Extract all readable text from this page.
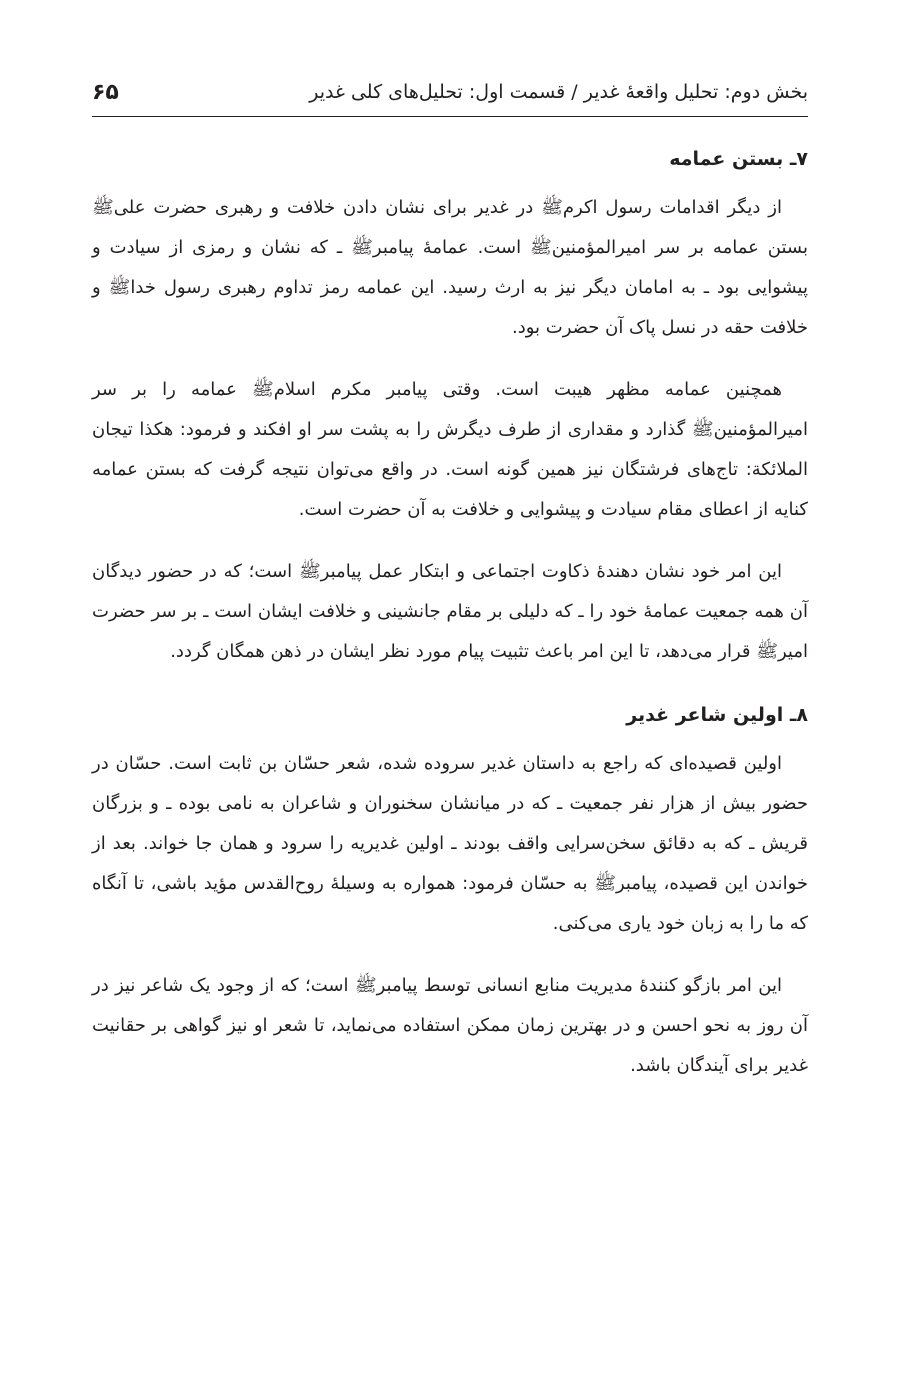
بخش دوم: تحلیل واقعۀ غدیر / قسمت اول: تحلیل‌های کلی غدیر
۶۵
۷ـ بستن عمامه

از دیگر اقدامات رسول اکرمﷺ در غدیر برای نشان دادن خلافت و رهبری حضرت علیﷺ بستن عمامه بر سر امیرالمؤمنینﷺ است. عمامۀ پیامبرﷺ ـ که نشان و رمزی از سیادت و پیشوایی بود ـ به امامان دیگر نیز به ارث رسید. این عمامه رمز تداوم رهبری رسول خداﷺ و خلافت حقه در نسل پاک آن حضرت بود.

همچنین عمامه مظهر هیبت است. وقتی پیامبر مکرم اسلامﷺ عمامه را بر سر امیرالمؤمنینﷺ گذارد و مقداری از طرف دیگرش را به پشت سر او افکند و فرمود: هکذا تیجان الملائکة: تاج‌های فرشتگان نیز همین گونه است. در واقع می‌توان نتیجه گرفت که بستن عمامه کنایه از اعطای مقام سیادت و پیشوایی و خلافت به آن حضرت است.

این امر خود نشان دهندۀ ذکاوت اجتماعی و ابتکار عمل پیامبرﷺ است؛ که در حضور دیدگان آن همه جمعیت عمامۀ خود را ـ که دلیلی بر مقام جانشینی و خلافت ایشان است ـ بر سر حضرت امیرﷺ قرار می‌دهد، تا این امر باعث تثبیت پیام مورد نظر ایشان در ذهن همگان گردد.

۸ـ اولین شاعر غدیر

اولین قصیده‌ای که راجع به داستان غدیر سروده شده، شعر حسّان بن ثابت است. حسّان در حضور بیش از هزار نفر جمعیت ـ که در میانشان سخنوران و شاعران به نامی بوده ـ و بزرگان قریش ـ که به دقائق سخن‌سرایی واقف بودند ـ اولین غدیریه را سرود و همان جا خواند. بعد از خواندن این قصیده، پیامبرﷺ به حسّان فرمود: همواره به وسیلۀ روح‌القدس مؤید باشی، تا آنگاه که ما را به زبان خود یاری می‌کنی.

این امر بازگو کنندۀ مدیریت منابع انسانی توسط پیامبرﷺ است؛ که از وجود یک شاعر نیز در آن روز به نحو احسن و در بهترین زمان ممکن استفاده می‌نماید، تا شعر او نیز گواهی بر حقانیت غدیر برای آیندگان باشد.
